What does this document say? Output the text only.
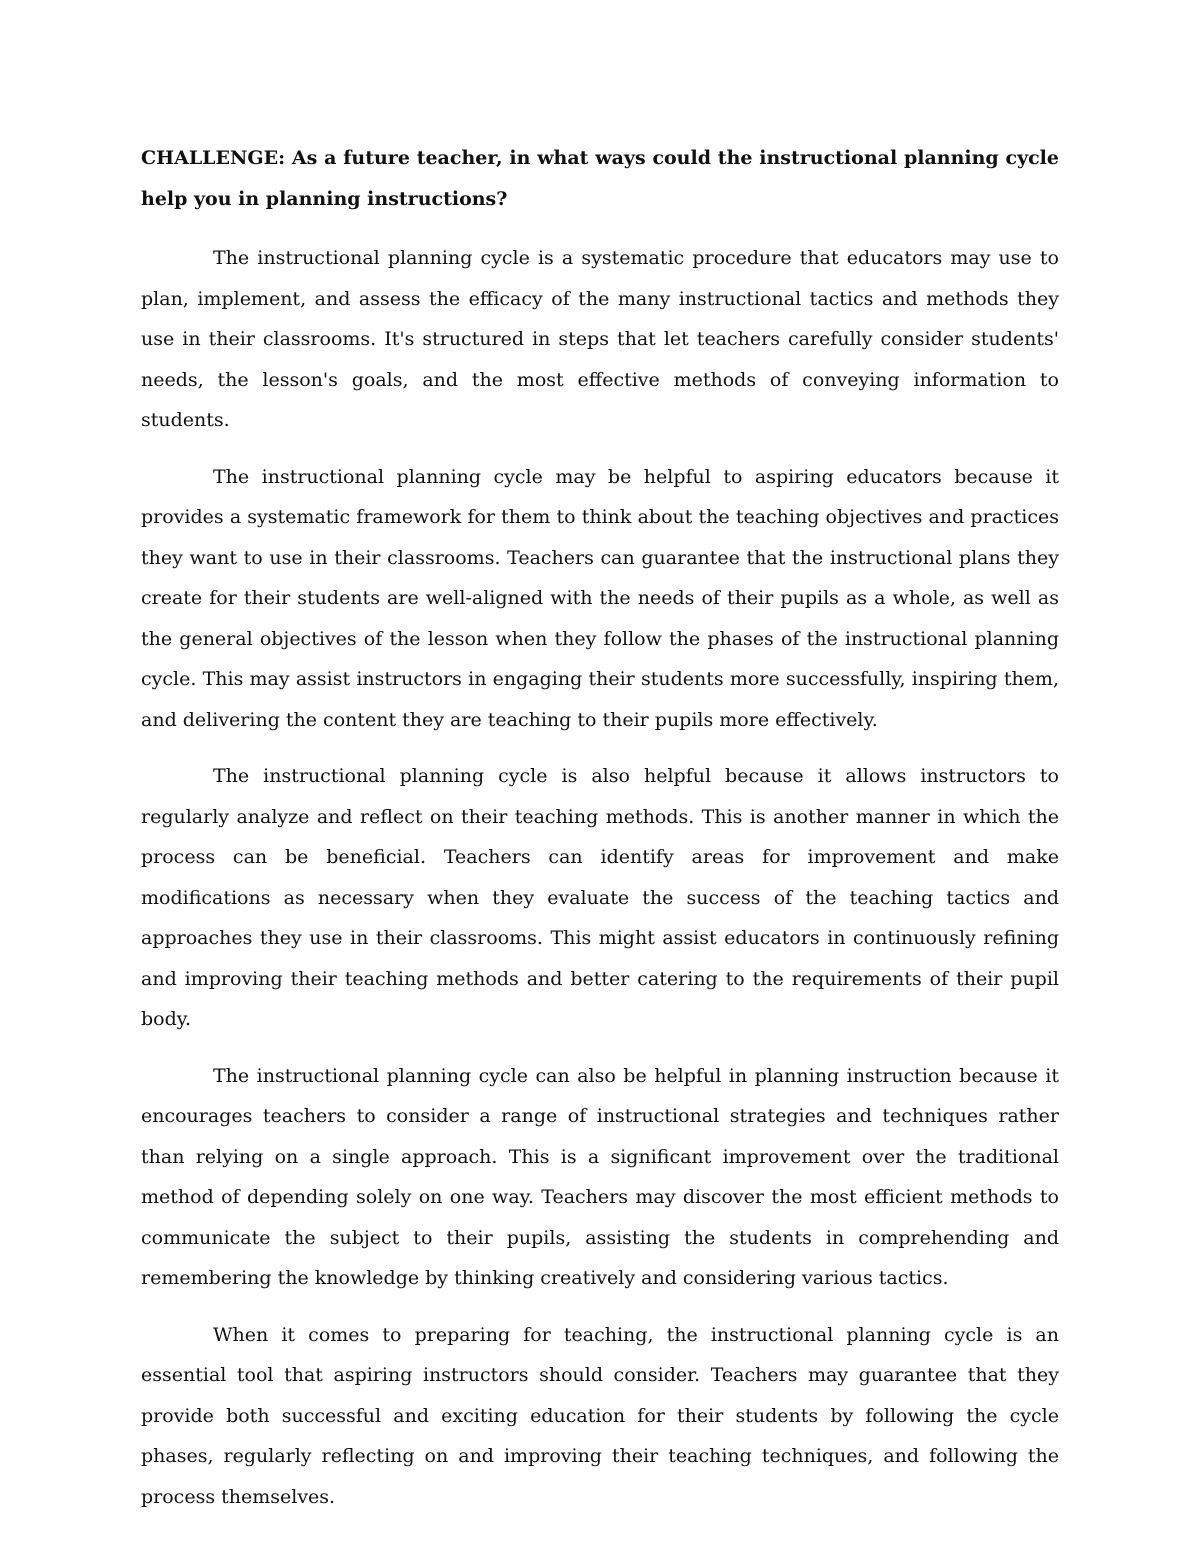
CHALLENGE: As a future teacher, in what ways could the instructional planning cycle help you in planning instructions?

The instructional planning cycle is a systematic procedure that educators may use to plan, implement, and assess the efficacy of the many instructional tactics and methods they use in their classrooms. It's structured in steps that let teachers carefully consider students' needs, the lesson's goals, and the most effective methods of conveying information to students.

The instructional planning cycle may be helpful to aspiring educators because it provides a systematic framework for them to think about the teaching objectives and practices they want to use in their classrooms. Teachers can guarantee that the instructional plans they create for their students are well-aligned with the needs of their pupils as a whole, as well as the general objectives of the lesson when they follow the phases of the instructional planning cycle. This may assist instructors in engaging their students more successfully, inspiring them, and delivering the content they are teaching to their pupils more effectively.

The instructional planning cycle is also helpful because it allows instructors to regularly analyze and reflect on their teaching methods. This is another manner in which the process can be beneficial. Teachers can identify areas for improvement and make modifications as necessary when they evaluate the success of the teaching tactics and approaches they use in their classrooms. This might assist educators in continuously refining and improving their teaching methods and better catering to the requirements of their pupil body.

The instructional planning cycle can also be helpful in planning instruction because it encourages teachers to consider a range of instructional strategies and techniques rather than relying on a single approach. This is a significant improvement over the traditional method of depending solely on one way. Teachers may discover the most efficient methods to communicate the subject to their pupils, assisting the students in comprehending and remembering the knowledge by thinking creatively and considering various tactics.

When it comes to preparing for teaching, the instructional planning cycle is an essential tool that aspiring instructors should consider. Teachers may guarantee that they provide both successful and exciting education for their students by following the cycle phases, regularly reflecting on and improving their teaching techniques, and following the process themselves.
